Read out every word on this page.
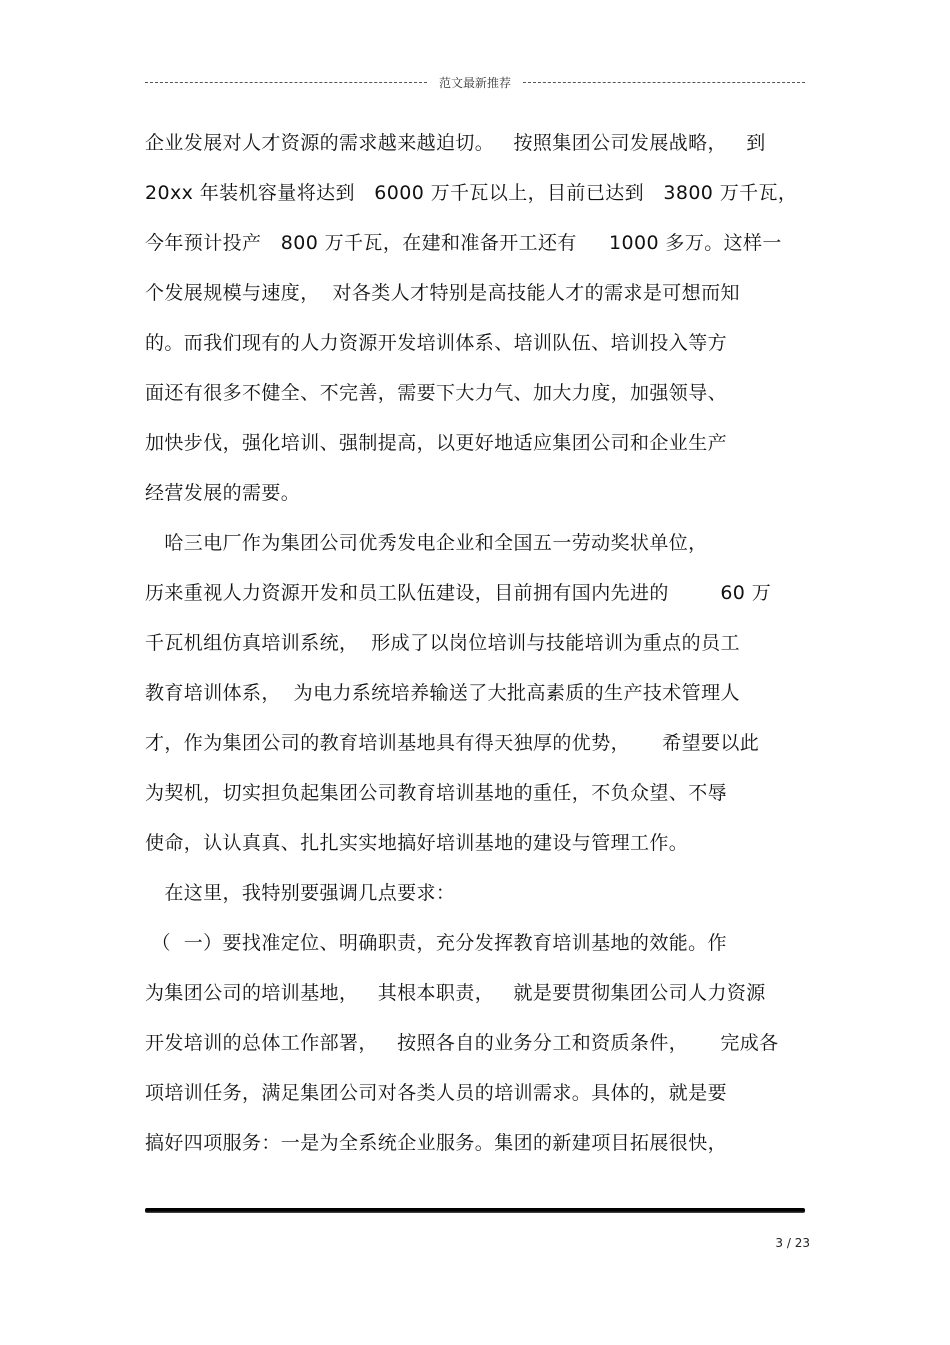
范文最新推荐
企业发展对人才资源的需求越来越迫切。   按照集团公司发展战略，   到
20xx 年装机容量将达到   6000 万千瓦以上，目前已达到   3800 万千瓦，
今年预计投产   800 万千瓦，在建和准备开工还有     1000 多万。这样一
个发展规模与速度，  对各类人才特别是高技能人才的需求是可想而知
的。而我们现有的人力资源开发培训体系、培训队伍、培训投入等方
面还有很多不健全、不完善，需要下大力气、加大力度，加强领导、
加快步伐，强化培训、强制提高，以更好地适应集团公司和企业生产
经营发展的需要。
哈三电厂作为集团公司优秀发电企业和全国五一劳动奖状单位，
历来重视人力资源开发和员工队伍建设，目前拥有国内先进的        60 万
千瓦机组仿真培训系统，  形成了以岗位培训与技能培训为重点的员工
教育培训体系，  为电力系统培养输送了大批高素质的生产技术管理人
才，作为集团公司的教育培训基地具有得天独厚的优势，     希望要以此
为契机，切实担负起集团公司教育培训基地的重任，不负众望、不辱
使命，认认真真、扎扎实实地搞好培训基地的建设与管理工作。
在这里，我特别要强调几点要求：
（  一）要找准定位、明确职责，充分发挥教育培训基地的效能。作
为集团公司的培训基地，   其根本职责，   就是要贯彻集团公司人力资源
开发培训的总体工作部署，   按照各自的业务分工和资质条件，     完成各
项培训任务，满足集团公司对各类人员的培训需求。具体的，就是要
搞好四项服务：一是为全系统企业服务。集团的新建项目拓展很快，
3 / 23
